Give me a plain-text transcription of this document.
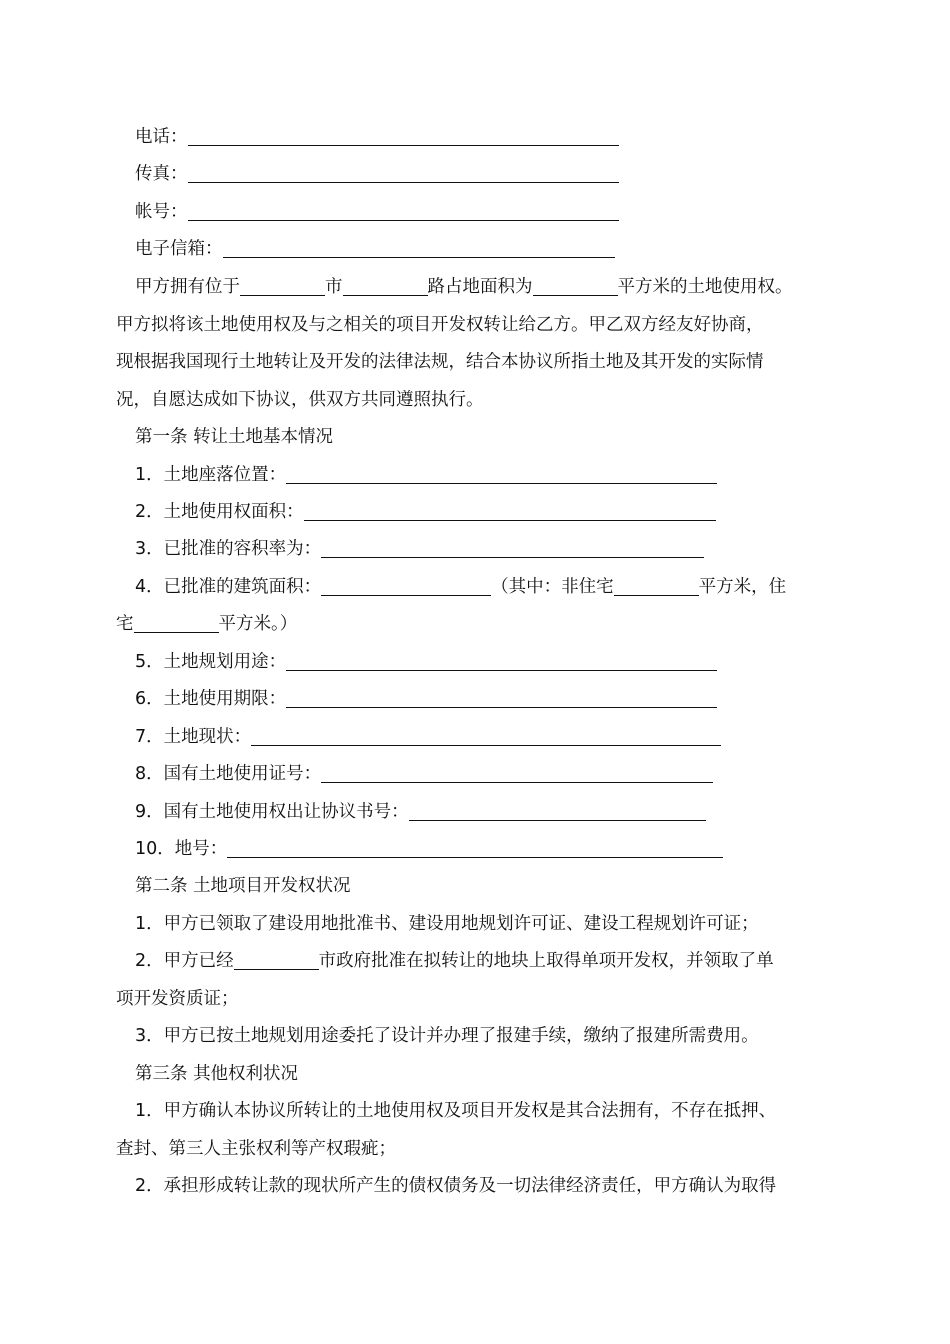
电话：
传真：
帐号：
电子信箱：
甲方拥有位于	市	路占地面积为	平方米的土地使用权。
甲方拟将该土地使用权及与之相关的项目开发权转让给乙方。甲乙双方经友好协商，
现根据我国现行土地转让及开发的法律法规，结合本协议所指土地及其开发的实际情
况，自愿达成如下协议，供双方共同遵照执行。
第一条 转让土地基本情况
1．土地座落位置：
2．土地使用权面积：
3．已批准的容积率为：
4．已批准的建筑面积：	（其中：非住宅	平方米，住
宅	平方米。）
5．土地规划用途：
6．土地使用期限：
7．土地现状：
8．国有土地使用证号：
9．国有土地使用权出让协议书号：
10．地号：
第二条 土地项目开发权状况
1．甲方已领取了建设用地批准书、建设用地规划许可证、建设工程规划许可证；
2．甲方已经	市政府批准在拟转让的地块上取得单项开发权，并领取了单
项开发资质证；
3．甲方已按土地规划用途委托了设计并办理了报建手续，缴纳了报建所需费用。
第三条 其他权利状况
1．甲方确认本协议所转让的土地使用权及项目开发权是其合法拥有，不存在抵押、
查封、第三人主张权利等产权瑕疵；
2．承担形成转让款的现状所产生的债权债务及一切法律经济责任，甲方确认为取得
